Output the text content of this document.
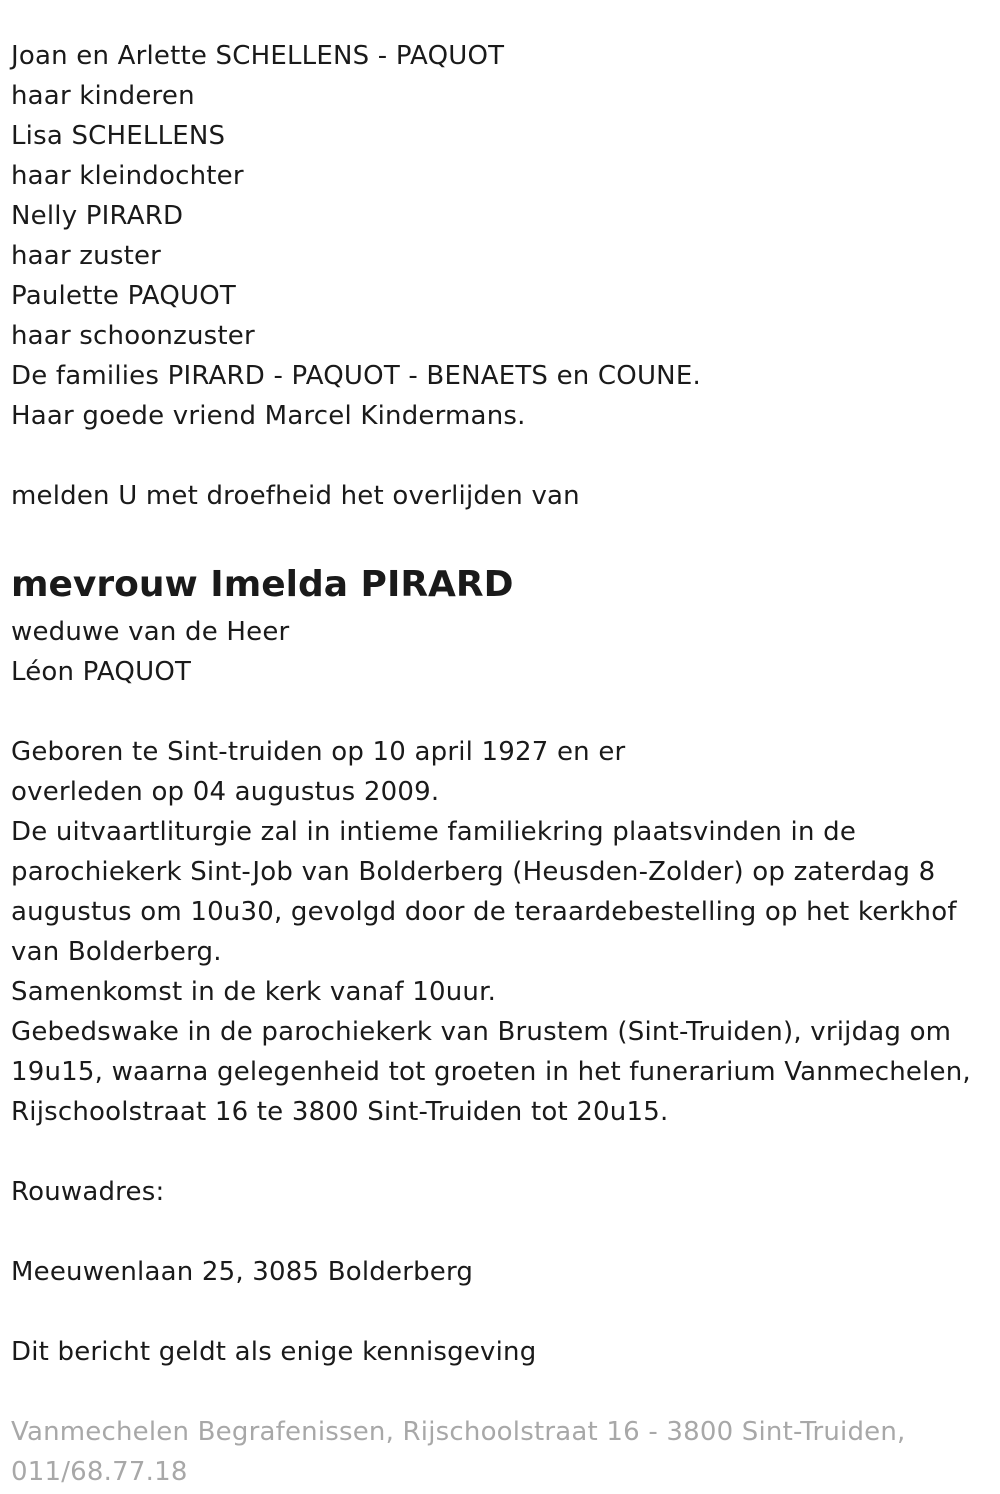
Joan en Arlette SCHELLENS - PAQUOT
haar kinderen
Lisa SCHELLENS
haar kleindochter
Nelly PIRARD
haar zuster
Paulette PAQUOT
haar schoonzuster
De families PIRARD - PAQUOT - BENAETS en COUNE.
Haar goede vriend Marcel Kindermans.
melden U met droefheid het overlijden van
mevrouw Imelda PIRARD
weduwe van de Heer
Léon PAQUOT
Geboren te Sint-truiden op 10 april 1927 en er
overleden op 04 augustus 2009.
De uitvaartliturgie zal in intieme familiekring plaatsvinden in de
parochiekerk Sint-Job van Bolderberg (Heusden-Zolder) op zaterdag 8
augustus om 10u30, gevolgd door de teraardebestelling op het kerkhof
van Bolderberg.
Samenkomst in de kerk vanaf 10uur.
Gebedswake in de parochiekerk van Brustem (Sint-Truiden), vrijdag om
19u15, waarna gelegenheid tot groeten in het funerarium Vanmechelen,
Rijschoolstraat 16 te 3800 Sint-Truiden tot 20u15.
Rouwadres:
Meeuwenlaan 25, 3085 Bolderberg
Dit bericht geldt als enige kennisgeving
Vanmechelen Begrafenissen, Rijschoolstraat 16 - 3800 Sint-Truiden,
011/68.77.18
